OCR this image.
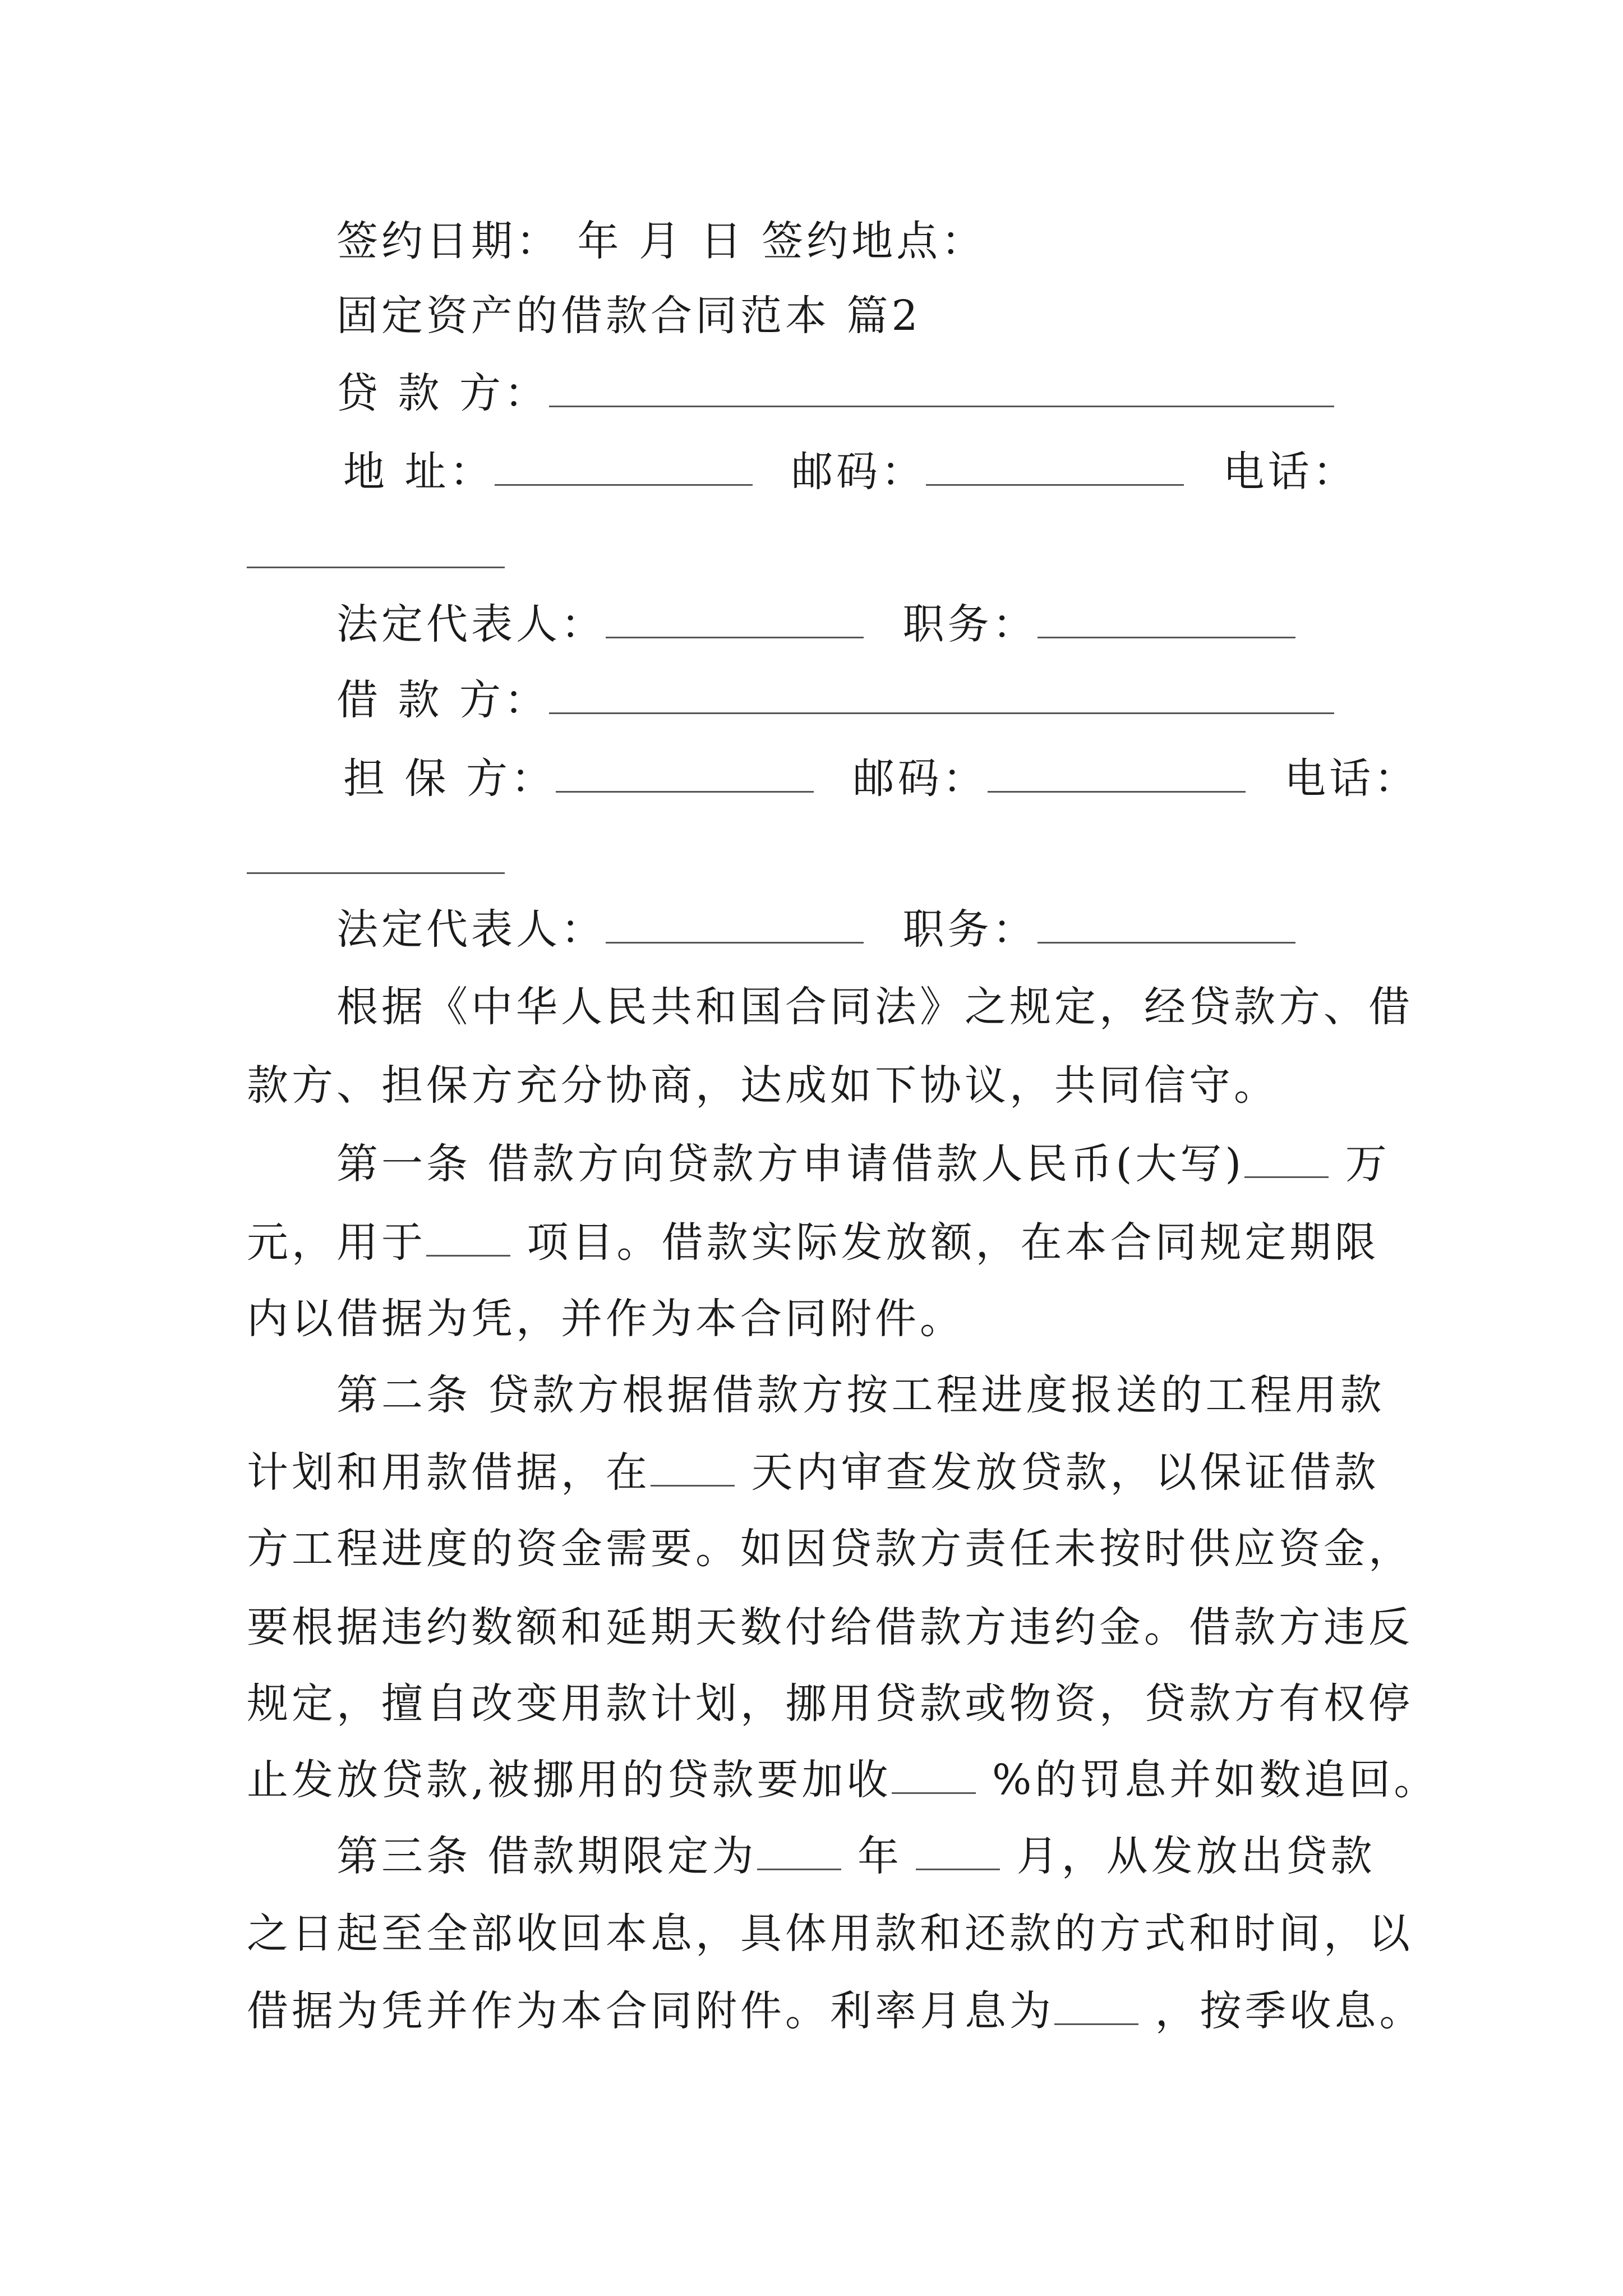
签约日期： 年 月 日 签约地点：
固定资产的借款合同范本 篇2
贷 款 方：
地 址：	邮码：	电话：
法定代表人：	职务：
借 款 方：
担 保 方：	邮码：	电话：
法定代表人：	职务：
根据《中华人民共和国合同法》之规定，经贷款方、借
款方、担保方充分协商，达成如下协议，共同信守。
第一条 借款方向贷款方申请借款人民币(大写) 万
元，用于 项目。借款实际发放额，在本合同规定期限
内以借据为凭，并作为本合同附件。
第二条 贷款方根据借款方按工程进度报送的工程用款
计划和用款借据，在 天内审查发放贷款，以保证借款
方工程进度的资金需要。如因贷款方责任未按时供应资金，
要根据违约数额和延期天数付给借款方违约金。借款方违反
规定，擅自改变用款计划，挪用贷款或物资，贷款方有权停
止发放贷款,被挪用的贷款要加收 %的罚息并如数追回。
第三条 借款期限定为 年 月，从发放出贷款
之日起至全部收回本息，具体用款和还款的方式和时间，以
借据为凭并作为本合同附件。利率月息为 ，按季收息。
